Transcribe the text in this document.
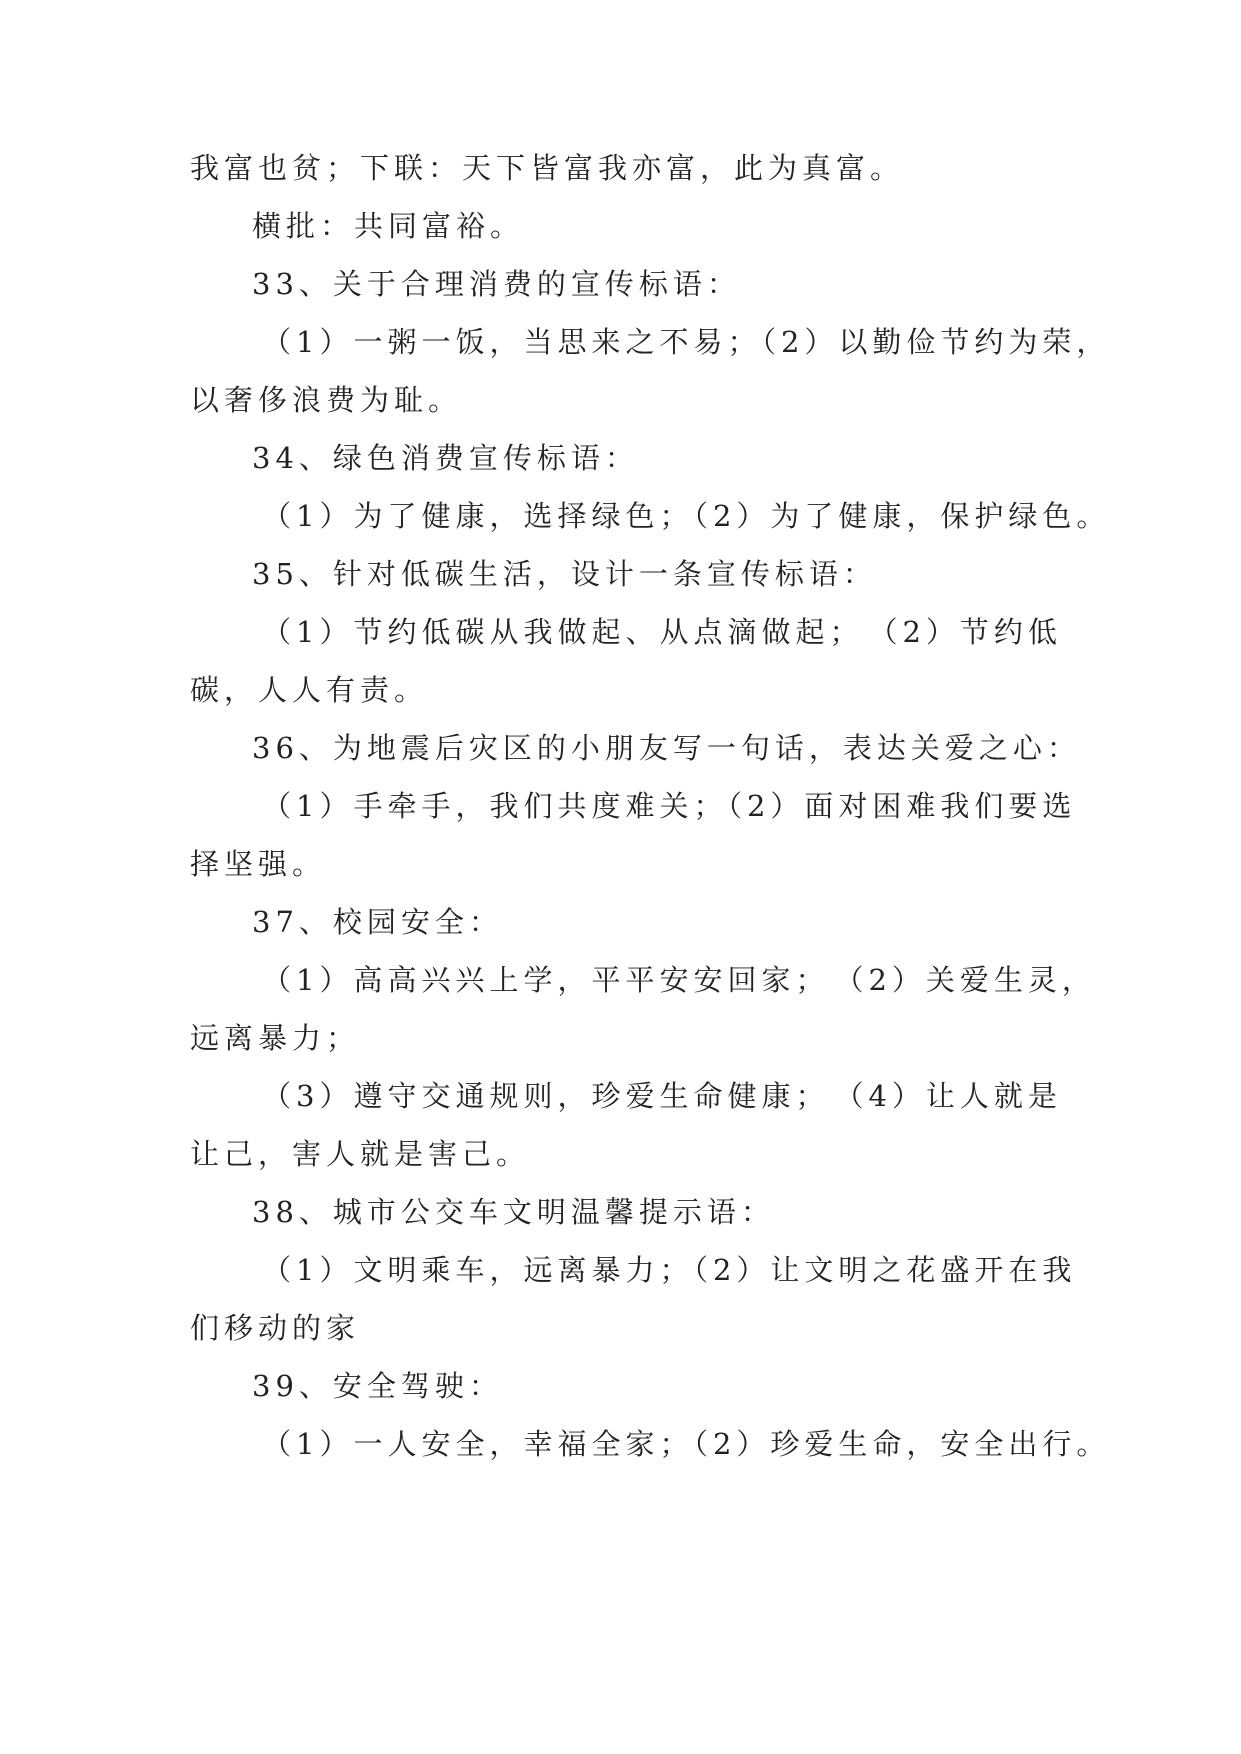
我富也贫；下联：天下皆富我亦富，此为真富。
横批：共同富裕。
33、关于合理消费的宣传标语：
（1）一粥一饭，当思来之不易；（2）以勤俭节约为荣，
以奢侈浪费为耻。
34、绿色消费宣传标语：
（1）为了健康，选择绿色；（2）为了健康，保护绿色。
35、针对低碳生活，设计一条宣传标语：
（1）节约低碳从我做起、从点滴做起；　（2）节约低
碳，人人有责。
36、为地震后灾区的小朋友写一句话，表达关爱之心：
（1）手牵手，我们共度难关；（2）面对困难我们要选
择坚强。
37、校园安全：
（1）高高兴兴上学，平平安安回家；　（2）关爱生灵，
远离暴力；
（3）遵守交通规则，珍爱生命健康；　（4）让人就是
让己，害人就是害己。
38、城市公交车文明温馨提示语：
（1）文明乘车，远离暴力；（2）让文明之花盛开在我
们移动的家
39、安全驾驶：
（1）一人安全，幸福全家；（2）珍爱生命，安全出行。
